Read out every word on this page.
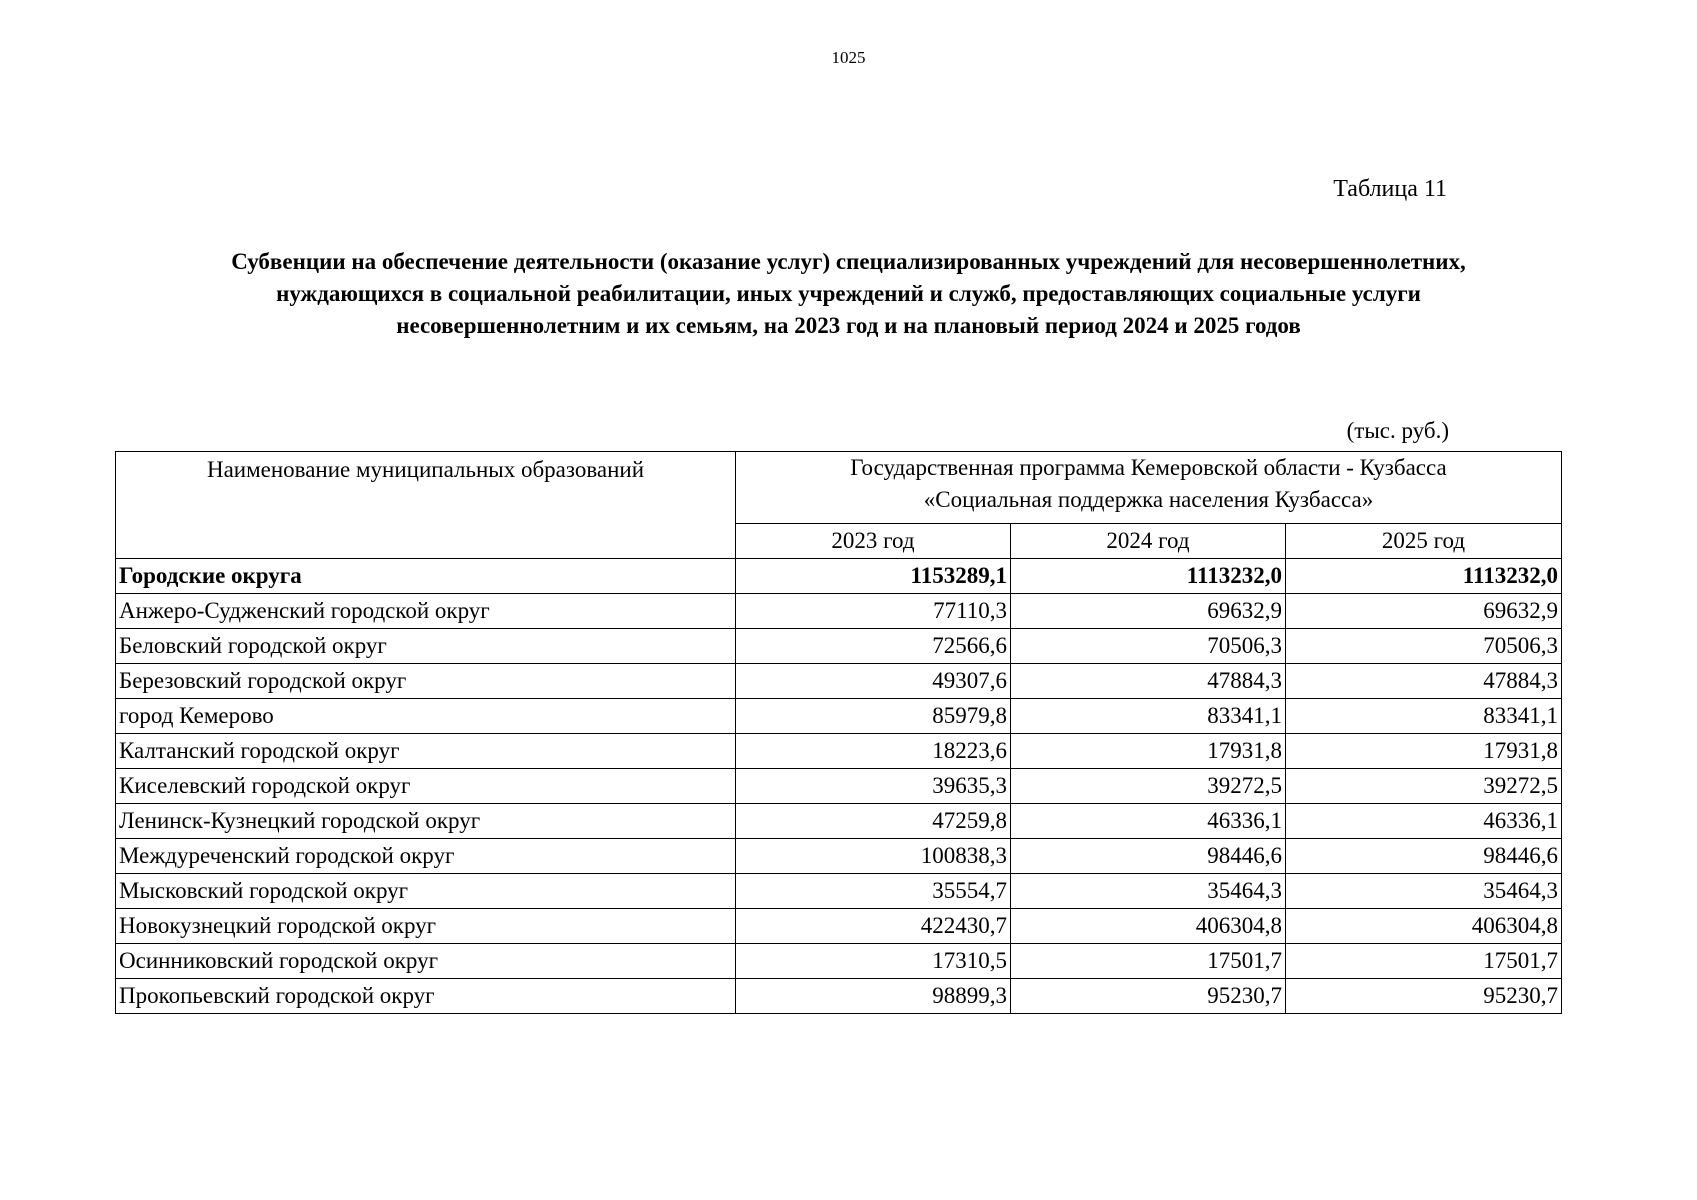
1025
Таблица 11
Субвенции на обеспечение деятельности (оказание услуг) специализированных учреждений для несовершеннолетних,
нуждающихся в социальной реабилитации, иных учреждений и служб, предоставляющих социальные услуги
несовершеннолетним и их семьям, на 2023 год и на плановый период 2024 и 2025 годов
(тыс. руб.)
Наименование муниципальных образований	Государственная программа Кемеровской области - Кузбасса
«Социальная поддержка населения Кузбасса»		

	2023 год	2024 год	2025 год
Городские округа	1153289,1	1113232,0	1113232,0
Анжеро-Судженский городской округ	77110,3	69632,9	69632,9
Беловский городской округ	72566,6	70506,3	70506,3
Березовский городской округ	49307,6	47884,3	47884,3
город Кемерово	85979,8	83341,1	83341,1
Калтанский городской округ	18223,6	17931,8	17931,8
Киселевский городской округ	39635,3	39272,5	39272,5
Ленинск-Кузнецкий городской округ	47259,8	46336,1	46336,1
Междуреченский городской округ	100838,3	98446,6	98446,6
Мысковский городской округ	35554,7	35464,3	35464,3
Новокузнецкий городской округ	422430,7	406304,8	406304,8
Осинниковский городской округ	17310,5	17501,7	17501,7
Прокопьевский городской округ	98899,3	95230,7	95230,7
